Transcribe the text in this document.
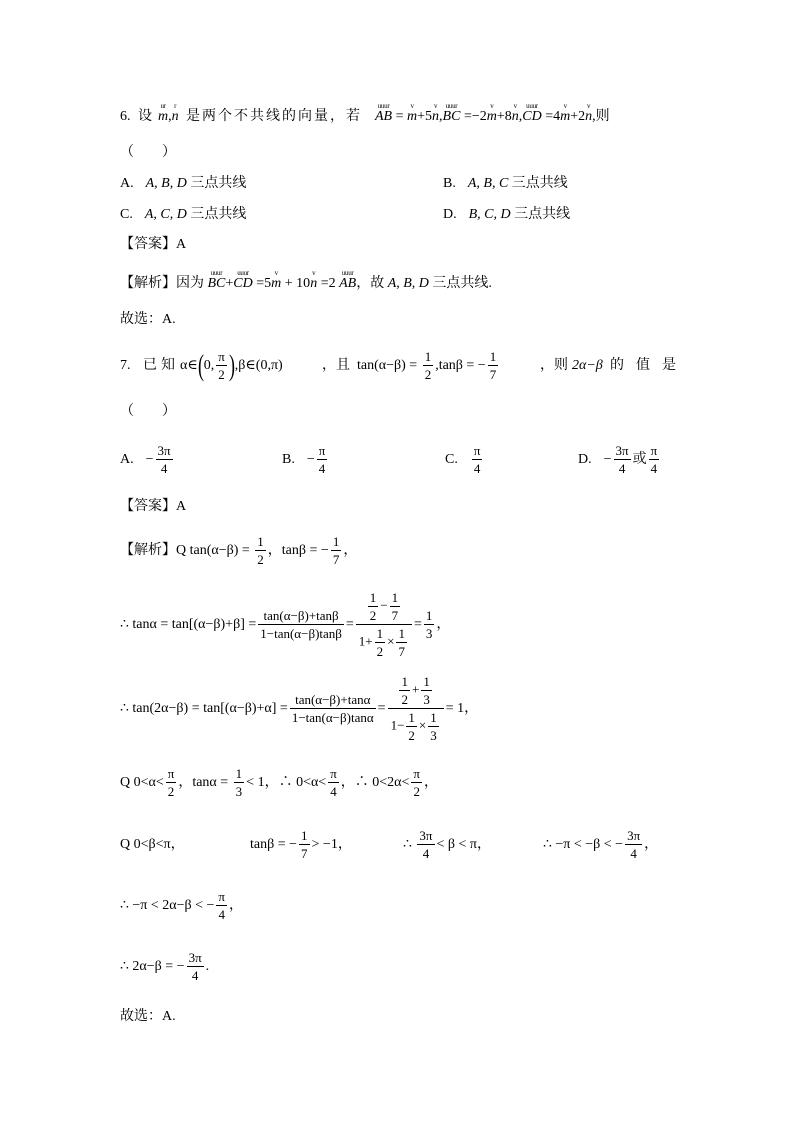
6. 设
ur
m,
r
n 是两个不共线的向量，若
uuur
AB =
v
m+5
v
n,
uuur
BC =−2
v
m+8
v
n,
uuur
CD =4
v
m+2
v
n,则
（　　）
A. A, B, D 三点共线	B. A, B, C 三点共线
C. A, C, D 三点共线	D. B, C, D 三点共线
【答案】A
【解析】因为
uuur
BC+
uuur
CD =5
v
m + 10
v
n =2
uuur
AB，故 A, B, D 三点共线.
故选：A.
7. 已知 α∈(0, $\frac{\pi}{2}$ ),β∈(0,π)	，且 $\tan(\alpha-\beta) = \frac{1}{2} ,\tan\beta$ = − $\frac{1}{7}$	，则 2α−β 的值是
（　　）
A. − $\frac{3\pi}{4}$	B. − $\frac{\pi}{4}$	C. $\frac{\pi}{4}$	D. − $\frac{3\pi}{4}$ 或 $\frac{\pi}{4}$
【答案】A
【解析】Q $\tan(\alpha-\beta) = \frac{1}{2}$ ，tanβ = − $\frac{1}{7}$ ，
∴ $\tan\alpha = \tan[(\alpha-\beta)+\beta] = \frac{\tan(\alpha-\beta)+\tan\beta}{1-\tan(\alpha-\beta)\tan\beta} = \frac{\frac{1}{2} - \frac{1}{7}}{1+ \frac{1}{2} \times \frac{1}{7}} = \frac{1}{3}$ ，
∴ $\tan(2\alpha-\beta) = \tan[(\alpha-\beta)+\alpha] = \frac{\tan(\alpha-\beta)+\tan\alpha}{1-\tan(\alpha-\beta)\tan\alpha} = \frac{\frac{1}{2} + \frac{1}{3}}{1- \frac{1}{2} \times \frac{1}{3}} = 1$，
Q $0<\alpha< \frac{\pi}{2}$ ，$\tan\alpha = \frac{1}{3} < 1$，∴ $0<\alpha< \frac{\pi}{4}$ ，∴ $0<2\alpha< \frac{\pi}{2}$ ，
Q 0<β<π，	tanβ = − $\frac{1}{7} > -1$，	∴ $\frac{3\pi}{4} < \beta < \pi$，	∴ −π < −β < − $\frac{3\pi}{4}$ ，
∴ −π < 2α−β < − $\frac{\pi}{4}$ ，
∴ 2α−β = − $\frac{3\pi}{4}$ .
故选：A.
